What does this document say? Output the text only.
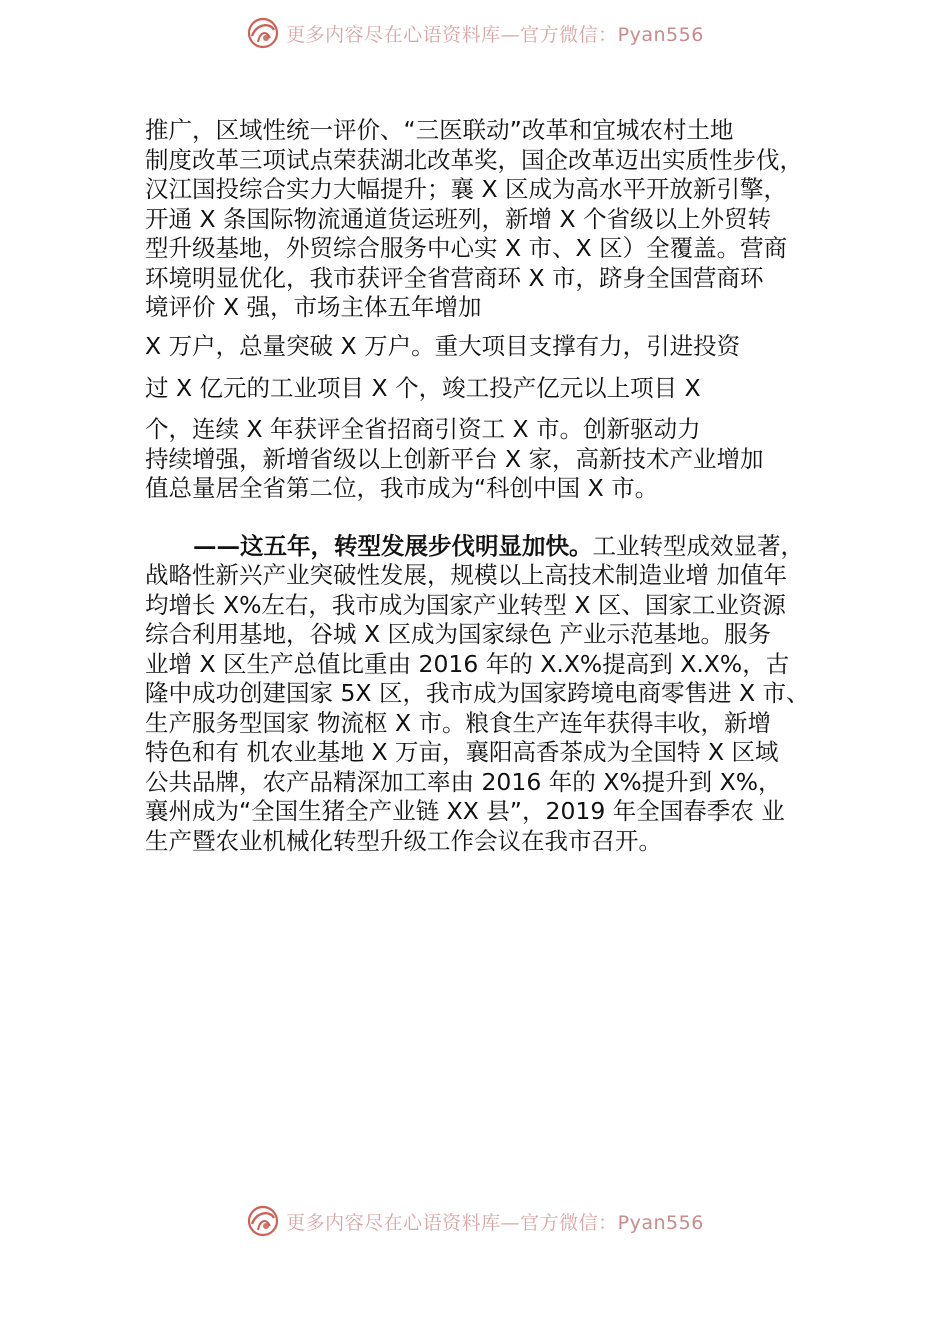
更多内容尽在心语资料库—官方微信：Pyan556
推广，区域性统一评价、“三医联动”改革和宜城农村土地
制度改革三项试点荣获湖北改革奖，国企改革迈出实质性步伐，
汉江国投综合实力大幅提升；襄 X 区成为高水平开放新引擎，
开通 X 条国际物流通道货运班列，新增 X 个省级以上外贸转
型升级基地，外贸综合服务中心实 X 市、X 区）全覆盖。营商
环境明显优化，我市获评全省营商环 X 市，跻身全国营商环
境评价 X 强，市场主体五年增加
X 万户，总量突破 X 万户。重大项目支撑有力，引进投资
过 X 亿元的工业项目 X 个，竣工投产亿元以上项目 X
个，连续 X 年获评全省招商引资工 X 市。创新驱动力
持续增强，新增省级以上创新平台 X 家，高新技术产业增加
值总量居全省第二位，我市成为“科创中国 X 市。
——这五年，转型发展步伐明显加快。工业转型成效显著，
战略性新兴产业突破性发展，规模以上高技术制造业增 加值年
均增长 X%左右，我市成为国家产业转型 X 区、国家工业资源
综合利用基地，谷城 X 区成为国家绿色 产业示范基地。服务
业增 X 区生产总值比重由 2016 年的 X.X%提高到 X.X%，古
隆中成功创建国家 5X 区，我市成为国家跨境电商零售进 X 市、
生产服务型国家 物流枢 X 市。粮食生产连年获得丰收，新增
特色和有 机农业基地 X 万亩，襄阳高香茶成为全国特 X 区域
公共品牌，农产品精深加工率由 2016 年的 X%提升到 X%，
襄州成为“全国生猪全产业链 XX 县”，2019 年全国春季农 业
生产暨农业机械化转型升级工作会议在我市召开。
更多内容尽在心语资料库—官方微信：Pyan556
